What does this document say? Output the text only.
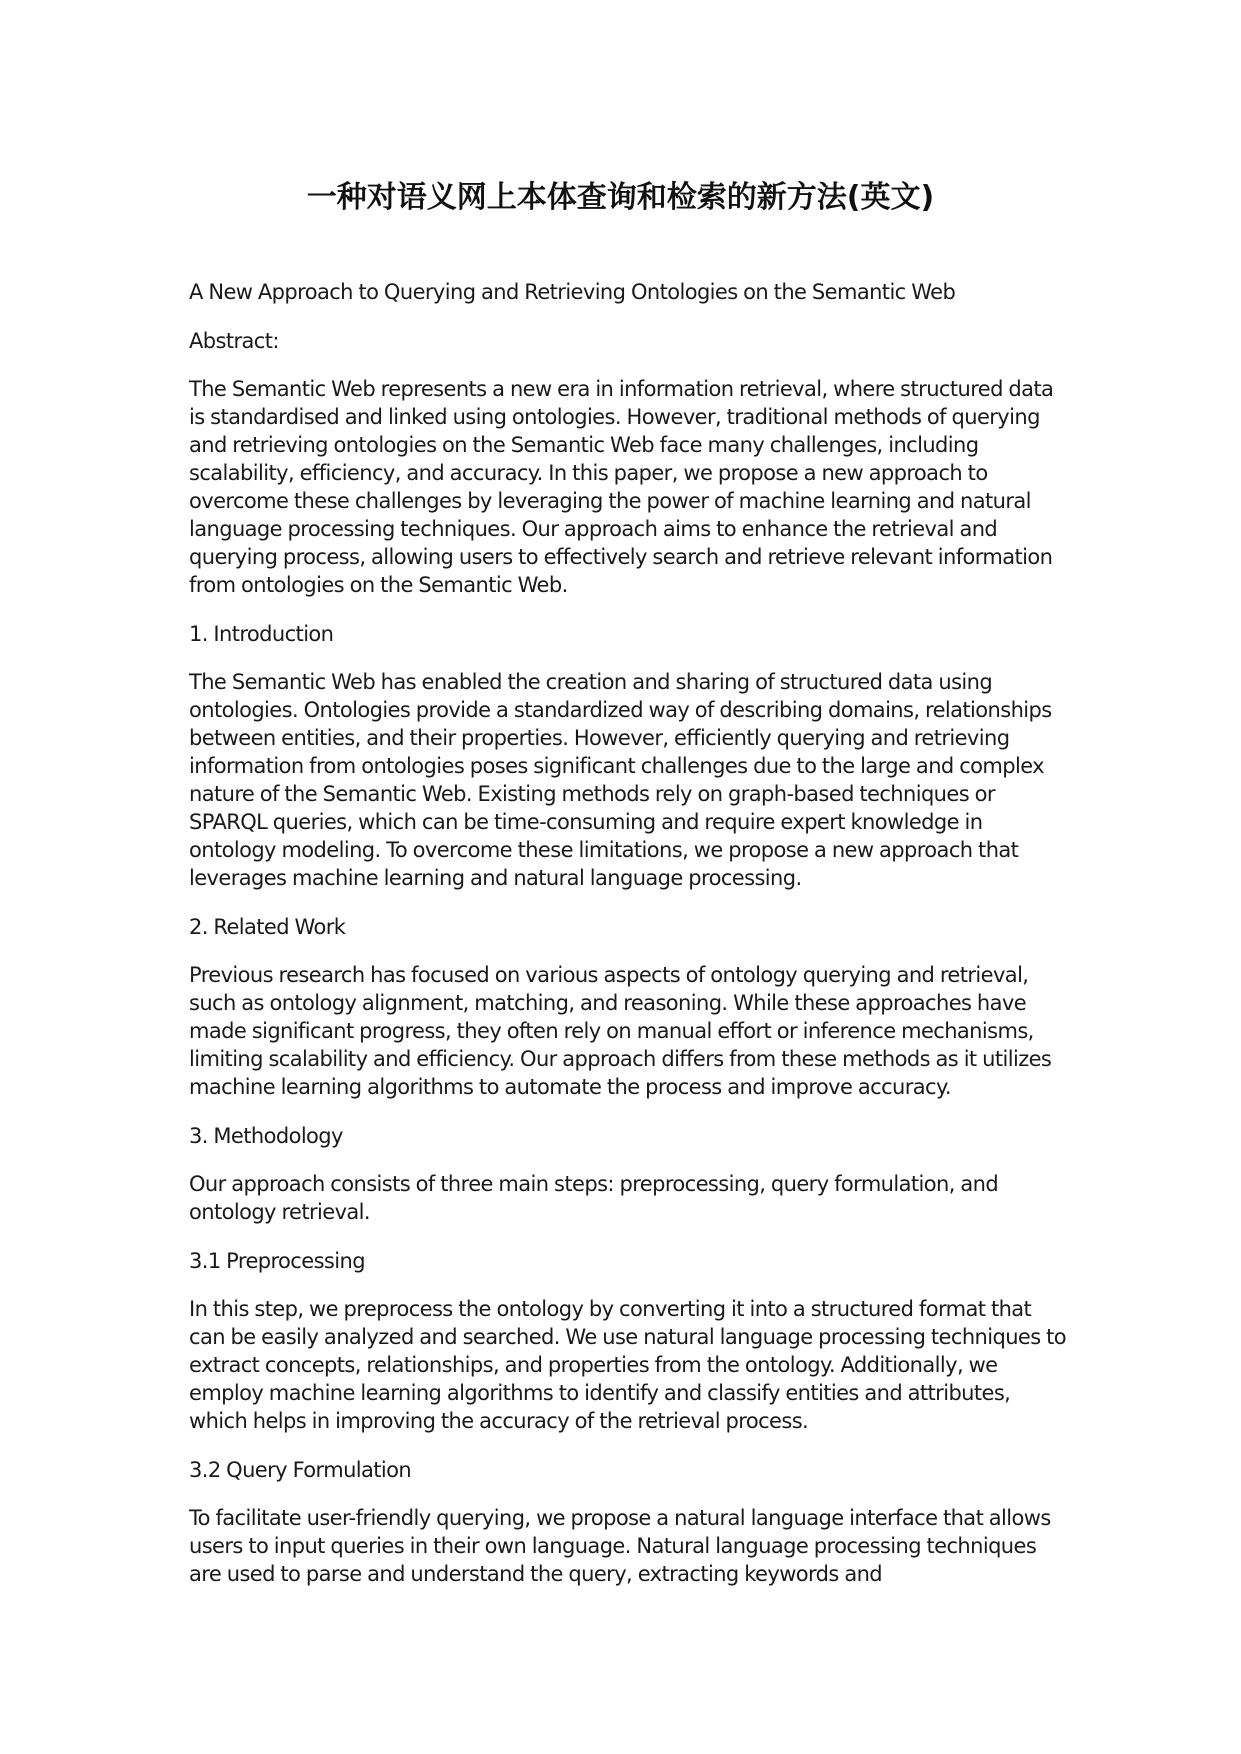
一种对语义网上本体查询和检索的新方法(英文)

A New Approach to Querying and Retrieving Ontologies on the Semantic Web

Abstract:

The Semantic Web represents a new era in information retrieval, where structured data is standardised and linked using ontologies. However, traditional methods of querying and retrieving ontologies on the Semantic Web face many challenges, including scalability, efficiency, and accuracy. In this paper, we propose a new approach to overcome these challenges by leveraging the power of machine learning and natural language processing techniques. Our approach aims to enhance the retrieval and querying process, allowing users to effectively search and retrieve relevant information from ontologies on the Semantic Web.

1. Introduction

The Semantic Web has enabled the creation and sharing of structured data using ontologies. Ontologies provide a standardized way of describing domains, relationships between entities, and their properties. However, efficiently querying and retrieving information from ontologies poses significant challenges due to the large and complex nature of the Semantic Web. Existing methods rely on graph-based techniques or SPARQL queries, which can be time-consuming and require expert knowledge in ontology modeling. To overcome these limitations, we propose a new approach that leverages machine learning and natural language processing.

2. Related Work

Previous research has focused on various aspects of ontology querying and retrieval, such as ontology alignment, matching, and reasoning. While these approaches have made significant progress, they often rely on manual effort or inference mechanisms, limiting scalability and efficiency. Our approach differs from these methods as it utilizes machine learning algorithms to automate the process and improve accuracy.

3. Methodology

Our approach consists of three main steps: preprocessing, query formulation, and ontology retrieval.

3.1 Preprocessing

In this step, we preprocess the ontology by converting it into a structured format that can be easily analyzed and searched. We use natural language processing techniques to extract concepts, relationships, and properties from the ontology. Additionally, we employ machine learning algorithms to identify and classify entities and attributes, which helps in improving the accuracy of the retrieval process.

3.2 Query Formulation

To facilitate user-friendly querying, we propose a natural language interface that allows users to input queries in their own language. Natural language processing techniques are used to parse and understand the query, extracting keywords and
